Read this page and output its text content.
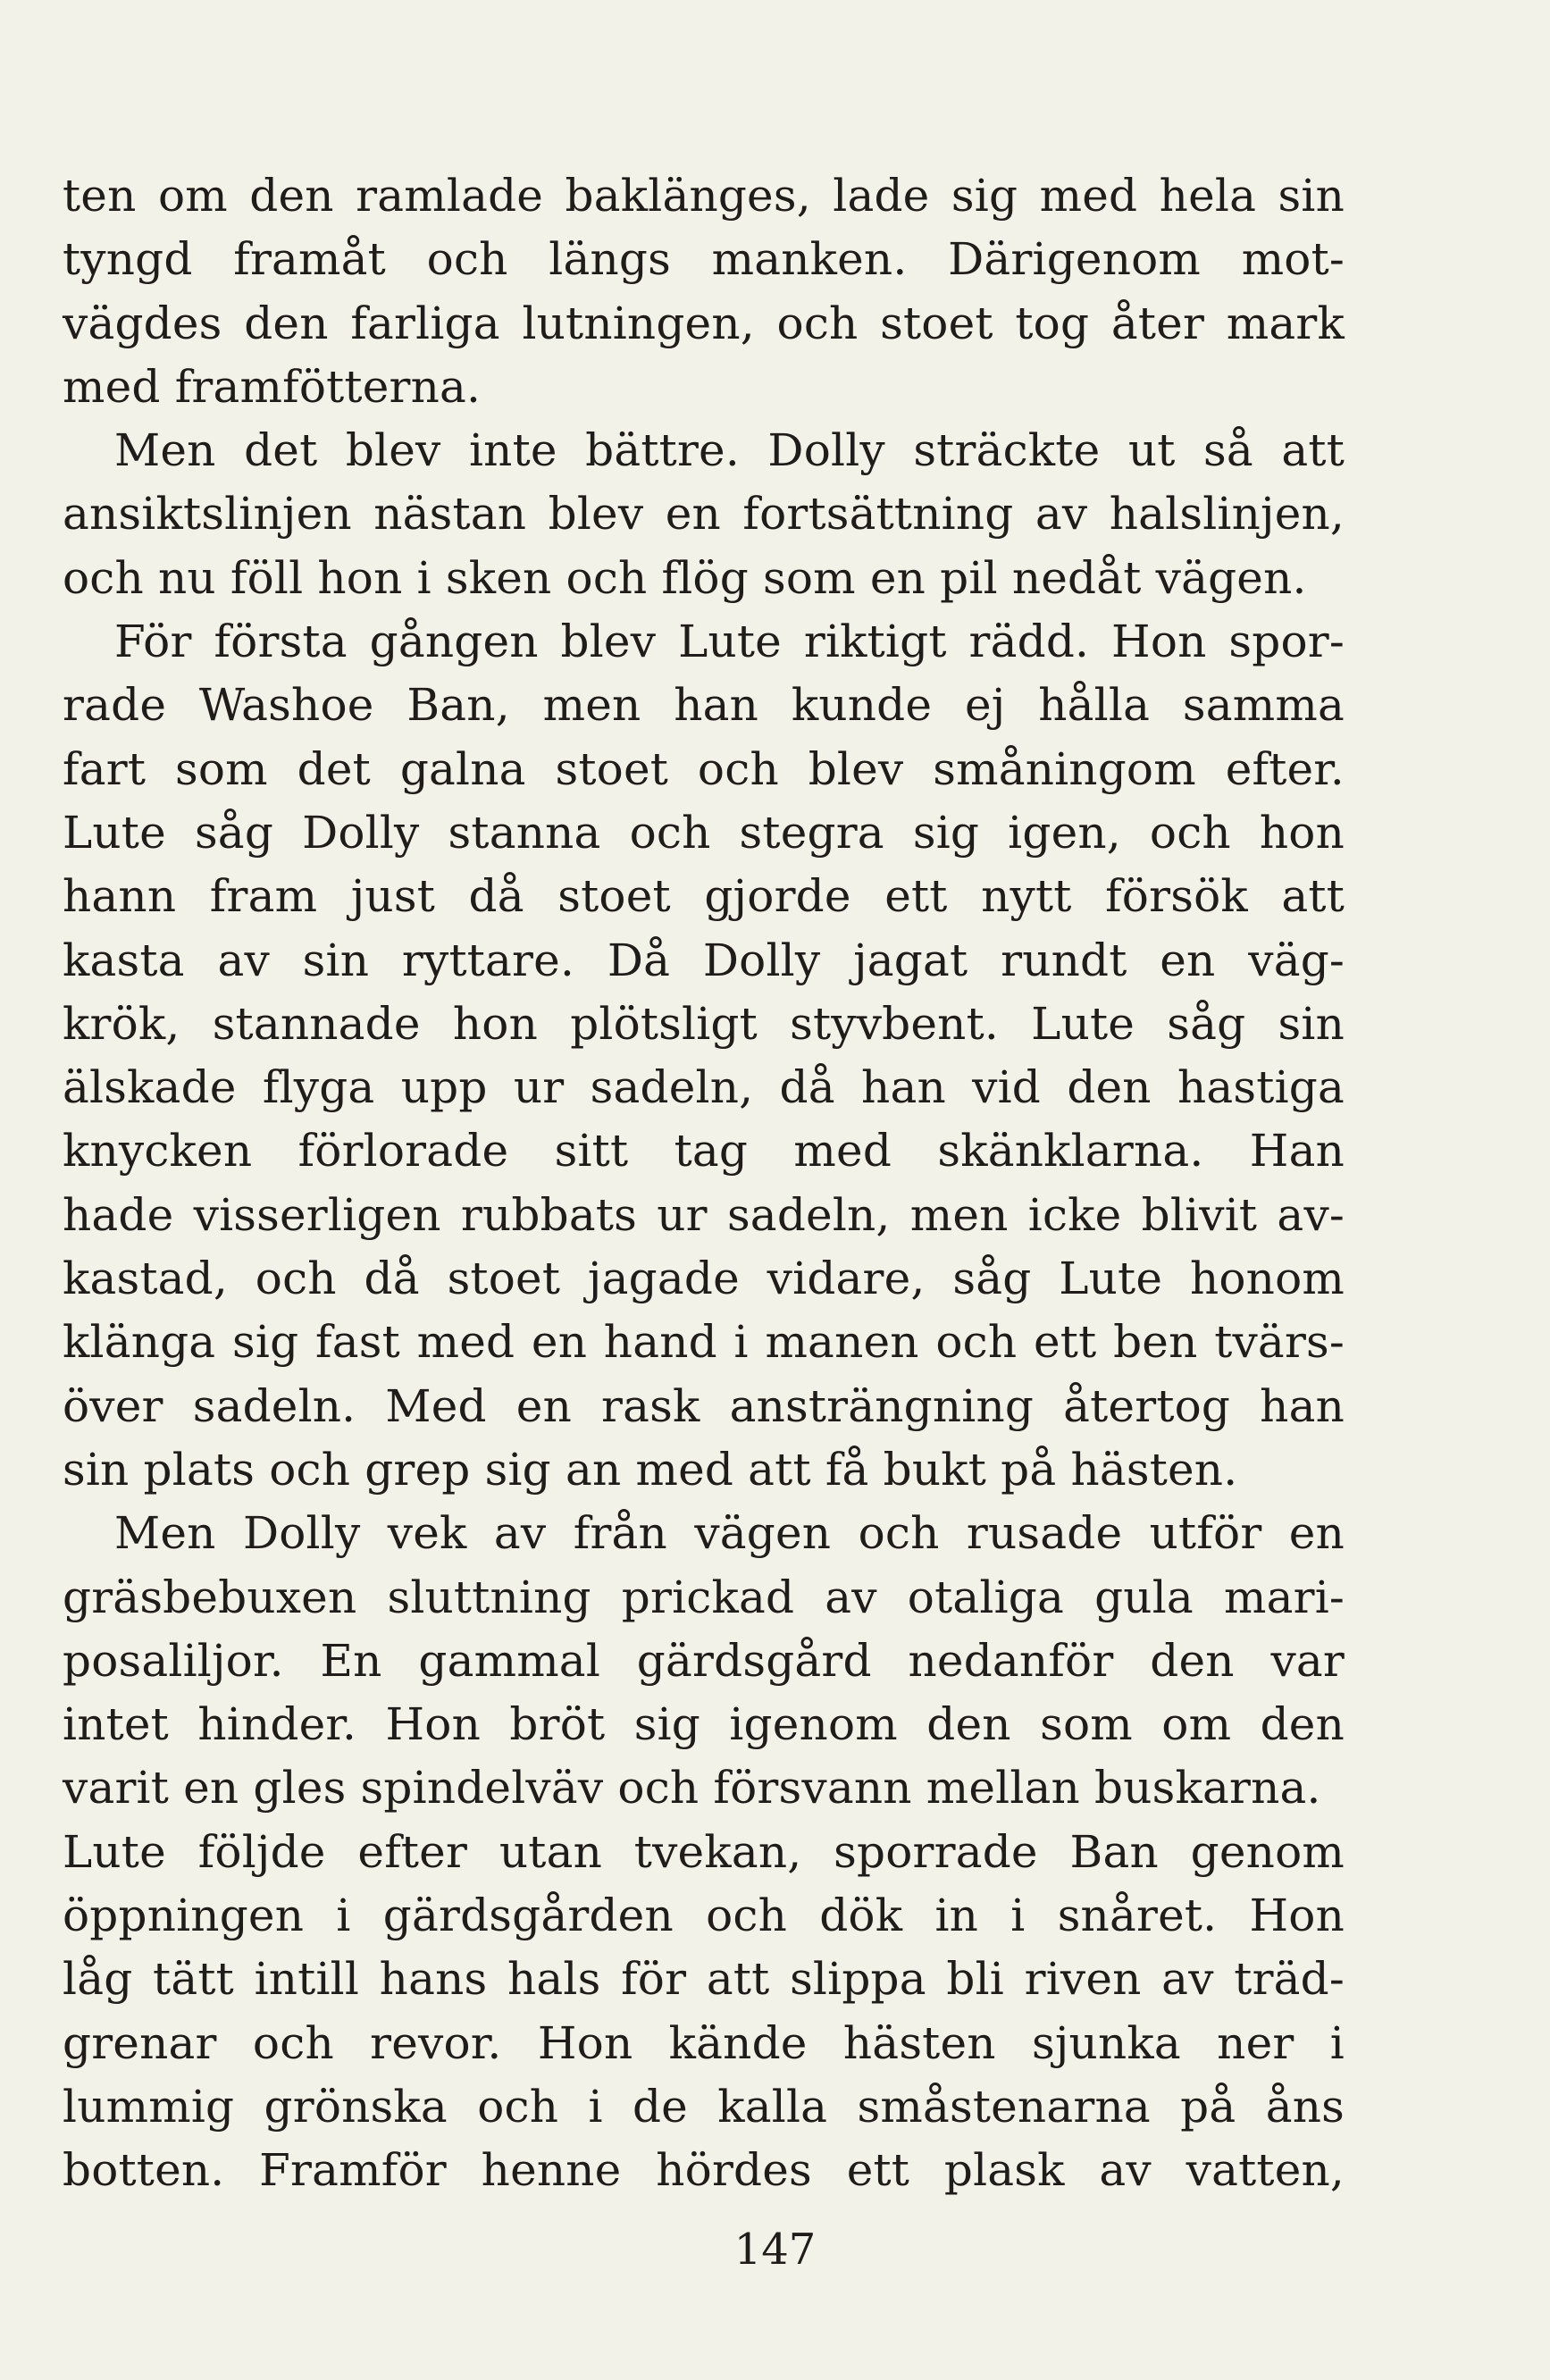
ten om den ramlade baklänges, lade sig med hela sin
tyngd framåt och längs manken. Därigenom mot-
vägdes den farliga lutningen, och stoet tog åter mark
med framfötterna.
Men det blev inte bättre. Dolly sträckte ut så att
ansiktslinjen nästan blev en fortsättning av halslinjen,
och nu föll hon i sken och flög som en pil nedåt vägen.
För första gången blev Lute riktigt rädd. Hon spor-
rade Washoe Ban, men han kunde ej hålla samma
fart som det galna stoet och blev småningom efter.
Lute såg Dolly stanna och stegra sig igen, och hon
hann fram just då stoet gjorde ett nytt försök att
kasta av sin ryttare. Då Dolly jagat rundt en väg-
krök, stannade hon plötsligt styvbent. Lute såg sin
älskade flyga upp ur sadeln, då han vid den hastiga
knycken förlorade sitt tag med skänklarna. Han
hade visserligen rubbats ur sadeln, men icke blivit av-
kastad, och då stoet jagade vidare, såg Lute honom
klänga sig fast med en hand i manen och ett ben tvärs-
över sadeln. Med en rask ansträngning återtog han
sin plats och grep sig an med att få bukt på hästen.
Men Dolly vek av från vägen och rusade utför en
gräsbebuxen sluttning prickad av otaliga gula mari-
posaliljor. En gammal gärdsgård nedanför den var
intet hinder. Hon bröt sig igenom den som om den
varit en gles spindelväv och försvann mellan buskarna.
Lute följde efter utan tvekan, sporrade Ban genom
öppningen i gärdsgården och dök in i snåret. Hon
låg tätt intill hans hals för att slippa bli riven av träd-
grenar och revor. Hon kände hästen sjunka ner i
lummig grönska och i de kalla småstenarna på åns
botten. Framför henne hördes ett plask av vatten,
147
